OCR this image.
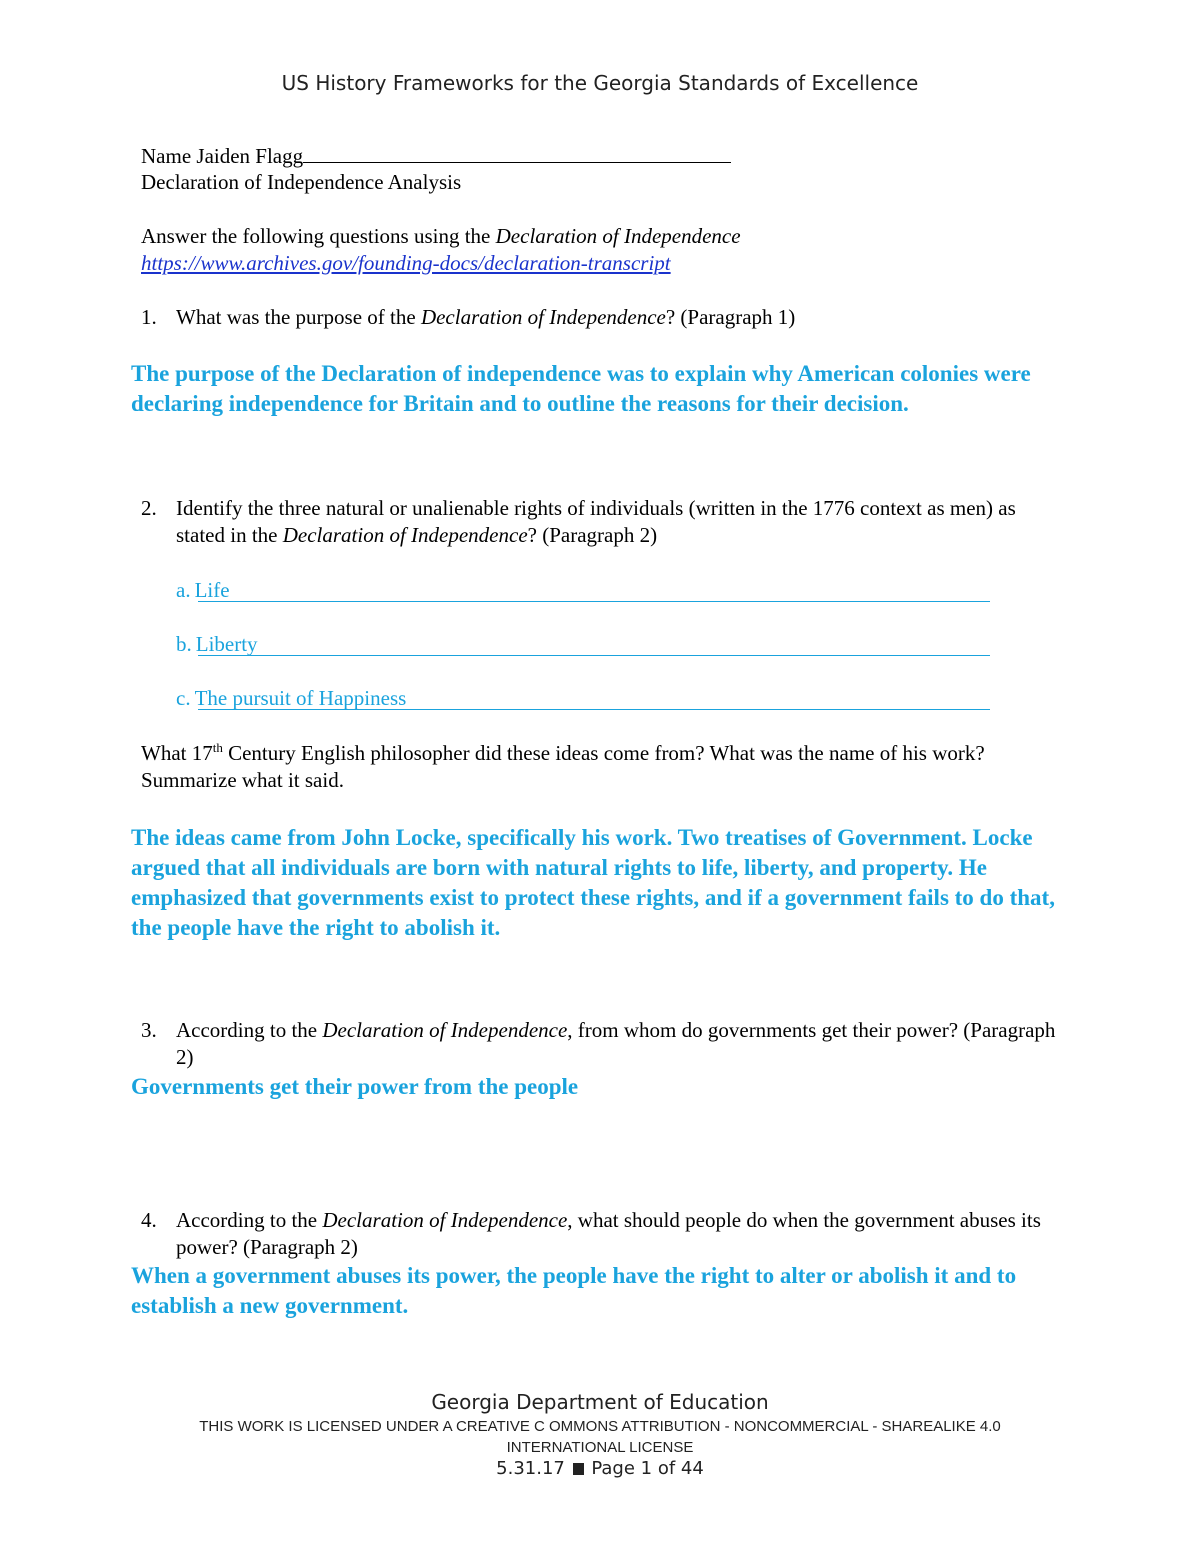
US History Frameworks for the Georgia Standards of Excellence
Name Jaiden Flagg
Declaration of Independence Analysis
Answer the following questions using the Declaration of Independence
https://www.archives.gov/founding-docs/declaration-transcript
1. What was the purpose of the Declaration of Independence? (Paragraph 1)
The purpose of the Declaration of independence was to explain why American colonies were declaring independence for Britain and to outline the reasons for their decision.
2. Identify the three natural or unalienable rights of individuals (written in the 1776 context as men) as stated in the Declaration of Independence? (Paragraph 2)
a. Life
b. Liberty
c. The pursuit of Happiness
What 17th Century English philosopher did these ideas come from? What was the name of his work? Summarize what it said.
The ideas came from John Locke, specifically his work. Two treatises of Government. Locke argued that all individuals are born with natural rights to life, liberty, and property. He emphasized that governments exist to protect these rights, and if a government fails to do that, the people have the right to abolish it.
3. According to the Declaration of Independence, from whom do governments get their power? (Paragraph 2)
Governments get their power from the people
4. According to the Declaration of Independence, what should people do when the government abuses its power? (Paragraph 2)
When a government abuses its power, the people have the right to alter or abolish it and to establish a new government.
Georgia Department of Education
THIS WORK IS LICENSED UNDER A CREATIVE C OMMONS ATTRIBUTION - NONCOMMERCIAL - SHAREALIKE 4.0 INTERNATIONAL LICENSE
5.31.17 Page 1 of 44
